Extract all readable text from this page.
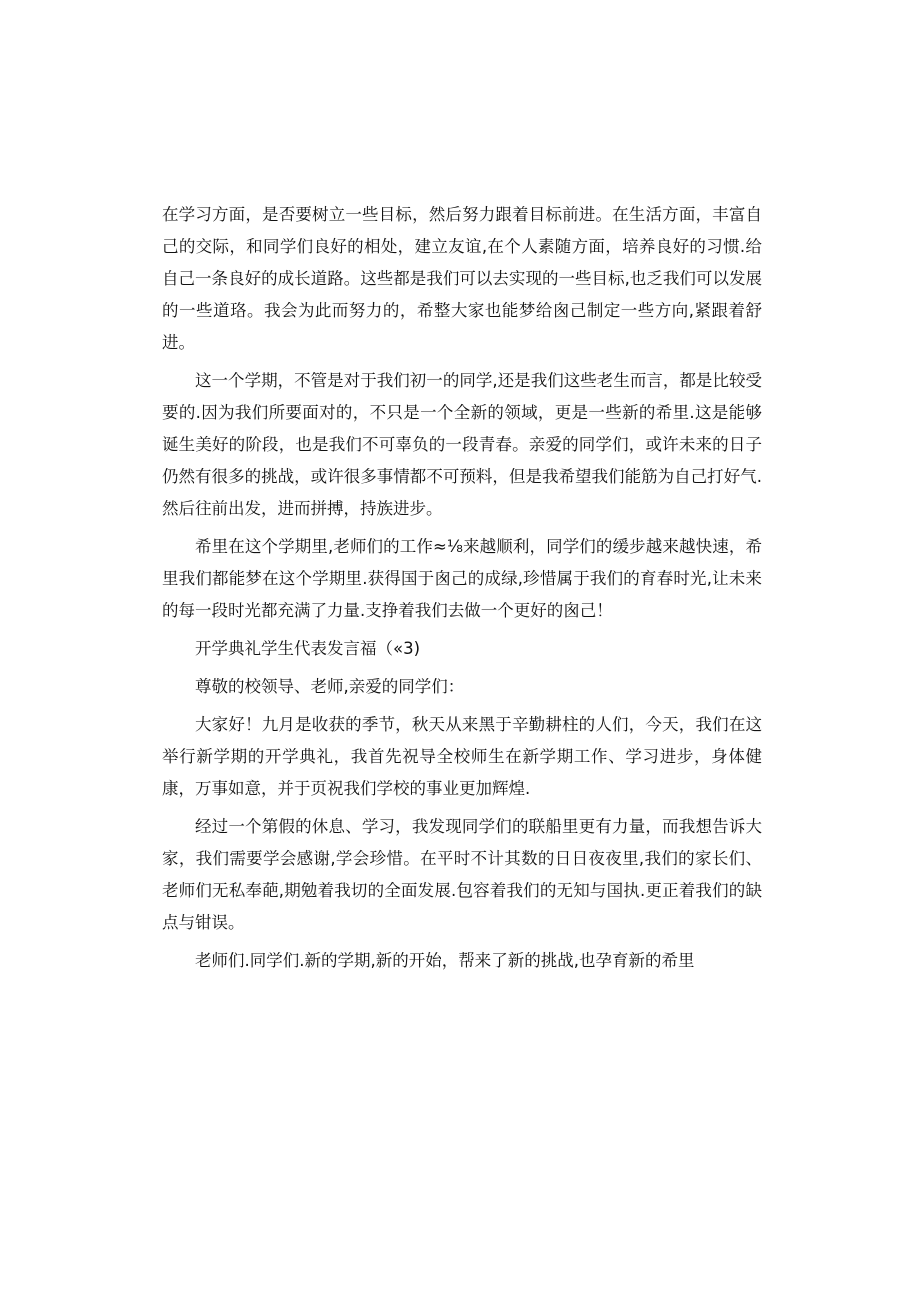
在学习方面，是否要树立一些目标，然后努力跟着目标前进。在生活方面，丰富自己的交际，和同学们良好的相处，建立友谊,在个人素随方面，培养良好的习惯.给自己一条良好的成长道路。这些都是我们可以去实现的一些目标,也乏我们可以发展的一些道珞。我会为此而努力的，希整大家也能梦给囪己制定一些方向,紧跟着舒进。

这一个学期，不管是对于我们初一的同学,还是我们这些老生而言，都是比较受要的.因为我们所要面对的，不只是一个全新的领域，更是一些新的希里.这是能够诞生美好的阶段，也是我们不可辜负的一段青春。亲爱的同学们，或许未来的日子仍然有很多的挑战，或许很多事情都不可预料，但是我希望我们能筋为自己打好气.然后往前出发，进而拼搏，持族进步。

希里在这个学期里,老师们的工作≈⅛来越顺利，同学们的缓步越来越快速，希里我们都能梦在这个学期里.获得国于囪己的成绿,珍惜属于我们的育春时光,让未来的每一段时光都充满了力量.支挣着我们去做一个更好的囪己！

开学典礼学生代表发言福（«3)

尊敬的校领导、老师,亲爱的同学们：

大家好！九月是收获的季节，秋天从来黑于辛勤耕柱的人们，今天，我们在这举行新学期的开学典礼，我首先祝导全校师生在新学期工作、学习进步，身体健康，万事如意，并于页祝我们学校的事业更加辉煌.

经过一个第假的休息、学习，我发现同学们的联船里更有力量，而我想告诉大家，我们需要学会感谢,学会珍惜。在平时不计其数的日日夜夜里,我们的家长们、老师们无私奉葩,期勉着我切的全面发展.包容着我们的无知与国执.更正着我们的缺点与钳误。

老师们.同学们.新的学期,新的开始，帮来了新的挑战,也孕育新的希里
